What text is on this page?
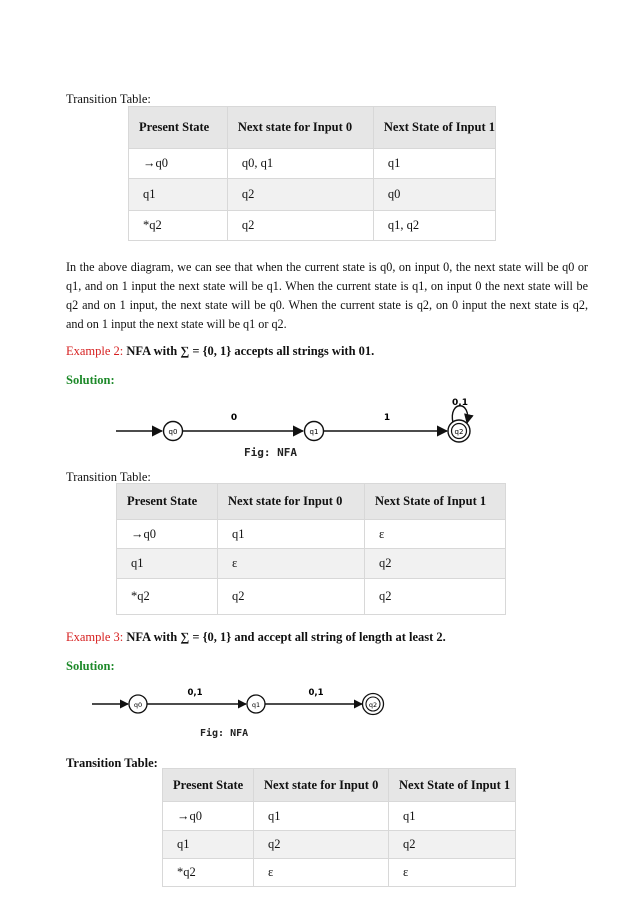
Transition Table:
Present State	Next state for Input 0	Next State of Input 1
→q0	q0, q1	q1
q1	q2	q0
*q2	q2	q1, q2
In the above diagram, we can see that when the current state is q0, on input 0, the next state will be q0 or q1, and on 1 input the next state will be q1. When the current state is q1, on input 0 the next state will be q2 and on 1 input, the next state will be q0. When the current state is q2, on 0 input the next state is q2, and on 1 input the next state will be q1 or q2.
Example 2: NFA with ∑ = {0, 1} accepts all strings with 01.
Solution:
q0	q1	q2
0	1
0,1
Fig: NFA
Transition Table:
Present State	Next state for Input 0	Next State of Input 1
→q0	q1	ε
q1	ε	q2
*q2	q2	q2
Example 3: NFA with ∑ = {0, 1} and accept all string of length at least 2.
Solution:
q0	q1	q2
0,1	0,1
Fig: NFA
Transition Table:
Present State	Next state for Input 0	Next State of Input 1
→q0	q1	q1
q1	q2	q2
*q2	ε	ε
